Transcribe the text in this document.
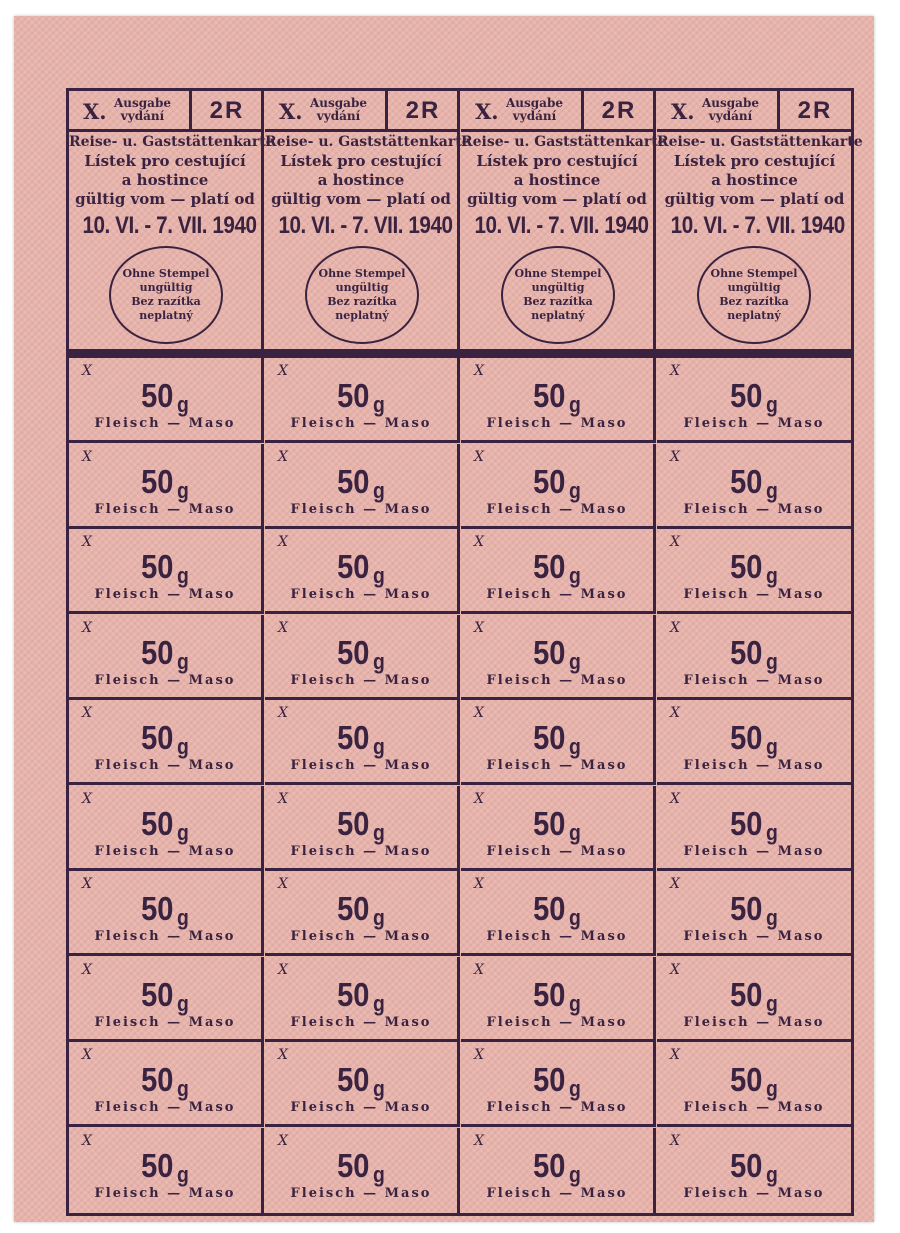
X. Ausgabe
vydání	2R
Reise- u. Gaststättenkarte
Lístek pro cestující
a hostince
gültig vom — platí od
10. VI. - 7. VII. 1940
Ohne Stempel
ungültig
Bez razítka
neplatný
X. Ausgabe
vydání	2R
Reise- u. Gaststättenkarte
Lístek pro cestující
a hostince
gültig vom — platí od
10. VI. - 7. VII. 1940
Ohne Stempel
ungültig
Bez razítka
neplatný
X. Ausgabe
vydání	2R
Reise- u. Gaststättenkarte
Lístek pro cestující
a hostince
gültig vom — platí od
10. VI. - 7. VII. 1940
Ohne Stempel
ungültig
Bez razítka
neplatný
X. Ausgabe
vydání	2R
Reise- u. Gaststättenkarte
Lístek pro cestující
a hostince
gültig vom — platí od
10. VI. - 7. VII. 1940
Ohne Stempel
ungültig
Bez razítka
neplatný
X
50 g
Fleisch — Maso
X
50 g
Fleisch — Maso
X
50 g
Fleisch — Maso
X
50 g
Fleisch — Maso
X
50 g
Fleisch — Maso
X
50 g
Fleisch — Maso
X
50 g
Fleisch — Maso
X
50 g
Fleisch — Maso
X
50 g
Fleisch — Maso
X
50 g
Fleisch — Maso
X
50 g
Fleisch — Maso
X
50 g
Fleisch — Maso
X
50 g
Fleisch — Maso
X
50 g
Fleisch — Maso
X
50 g
Fleisch — Maso
X
50 g
Fleisch — Maso
X
50 g
Fleisch — Maso
X
50 g
Fleisch — Maso
X
50 g
Fleisch — Maso
X
50 g
Fleisch — Maso
X
50 g
Fleisch — Maso
X
50 g
Fleisch — Maso
X
50 g
Fleisch — Maso
X
50 g
Fleisch — Maso
X
50 g
Fleisch — Maso
X
50 g
Fleisch — Maso
X
50 g
Fleisch — Maso
X
50 g
Fleisch — Maso
X
50 g
Fleisch — Maso
X
50 g
Fleisch — Maso
X
50 g
Fleisch — Maso
X
50 g
Fleisch — Maso
X
50 g
Fleisch — Maso
X
50 g
Fleisch — Maso
X
50 g
Fleisch — Maso
X
50 g
Fleisch — Maso
X
50 g
Fleisch — Maso
X
50 g
Fleisch — Maso
X
50 g
Fleisch — Maso
X
50 g
Fleisch — Maso
